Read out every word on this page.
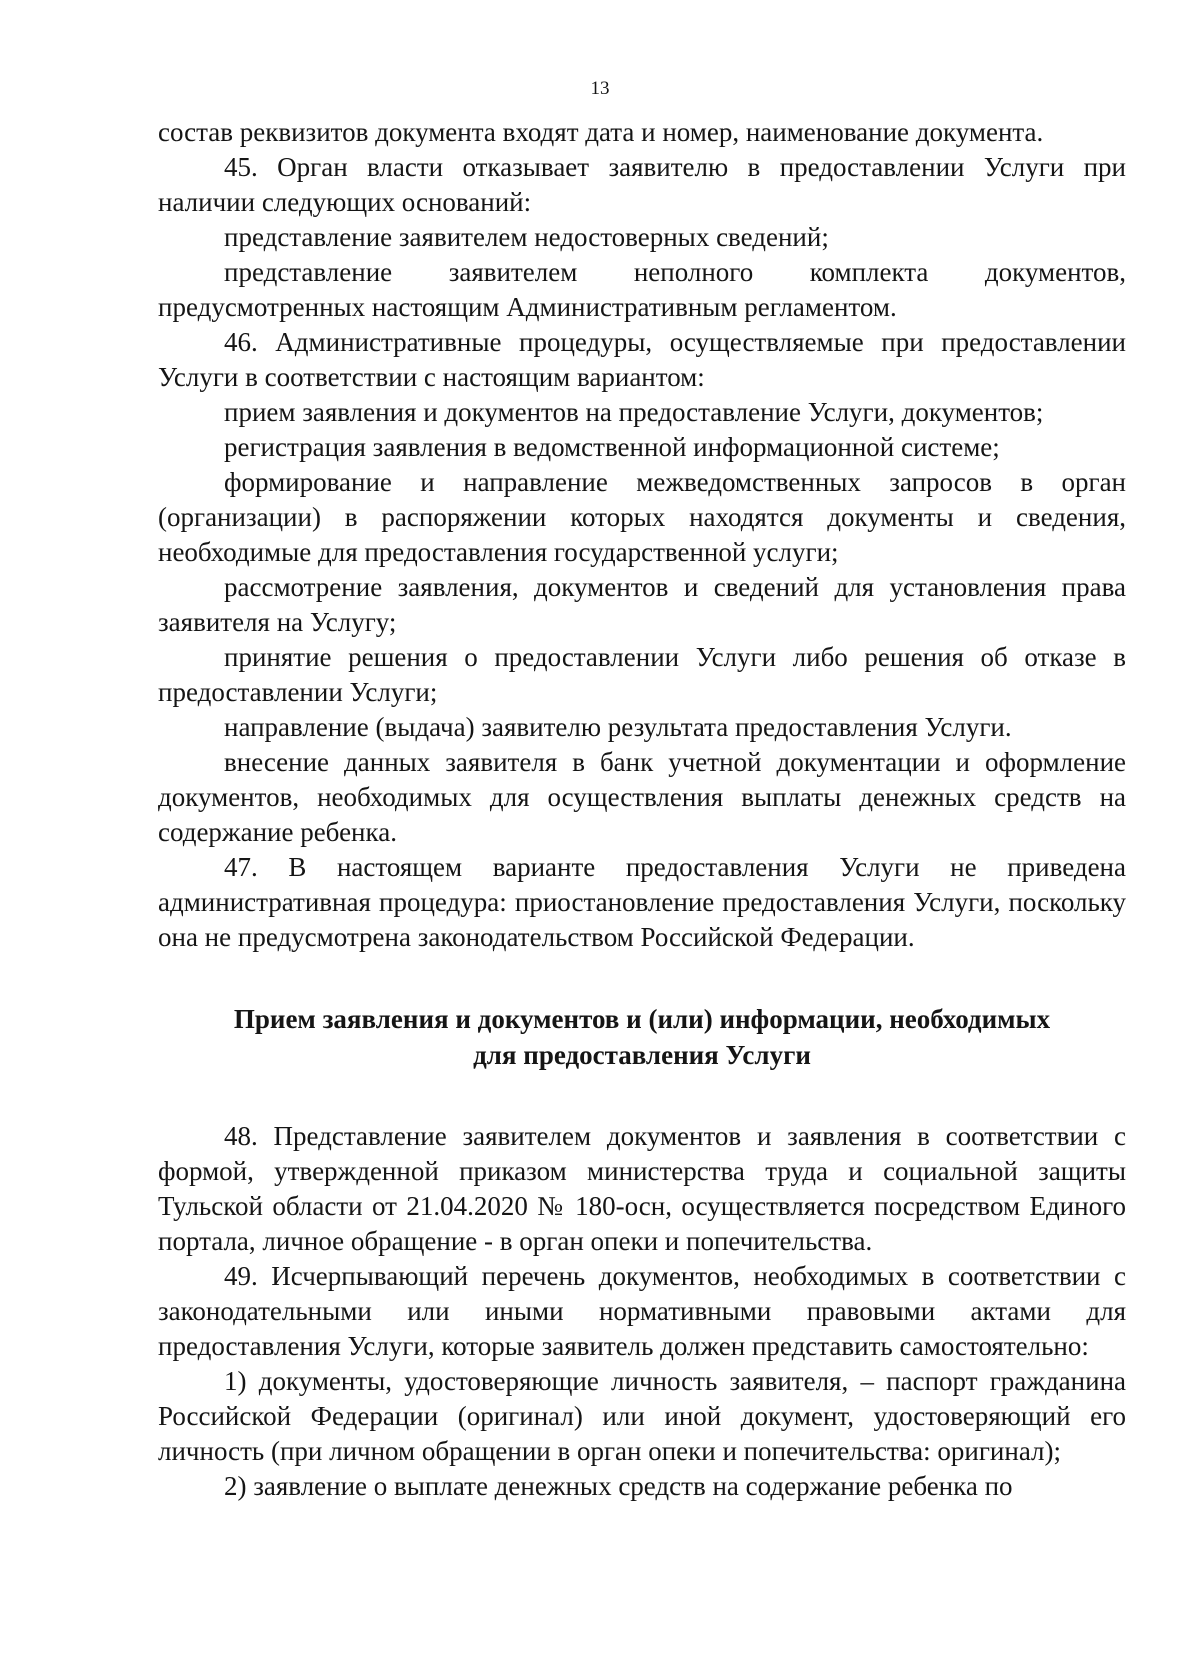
13

состав реквизитов документа входят дата и номер, наименование документа.

45. Орган власти отказывает заявителю в предоставлении Услуги при наличии следующих оснований:

представление заявителем недостоверных сведений;

представление заявителем неполного комплекта документов, предусмотренных настоящим Административным регламентом.

46. Административные процедуры, осуществляемые при предоставлении Услуги в соответствии с настоящим вариантом:

прием заявления и документов на предоставление Услуги, документов;

регистрация заявления в ведомственной информационной системе;

формирование и направление межведомственных запросов в орган (организации) в распоряжении которых находятся документы и сведения, необходимые для предоставления государственной услуги;

рассмотрение заявления, документов и сведений для установления права заявителя на Услугу;

принятие решения о предоставлении Услуги либо решения об отказе в предоставлении Услуги;

направление (выдача) заявителю результата предоставления Услуги.

внесение данных заявителя в банк учетной документации и оформление документов, необходимых для осуществления выплаты денежных средств на содержание ребенка.

47. В настоящем варианте предоставления Услуги не приведена административная процедура: приостановление предоставления Услуги, поскольку она не предусмотрена законодательством Российской Федерации.

Прием заявления и документов и (или) информации, необходимых
для предоставления Услуги

48. Представление заявителем документов и заявления в соответствии с формой, утвержденной приказом министерства труда и социальной защиты Тульской области от 21.04.2020 № 180-осн, осуществляется посредством Единого портала, личное обращение - в орган опеки и попечительства.

49. Исчерпывающий перечень документов, необходимых в соответствии с законодательными или иными нормативными правовыми актами для предоставления Услуги, которые заявитель должен представить самостоятельно:

1) документы, удостоверяющие личность заявителя, – паспорт гражданина Российской Федерации (оригинал) или иной документ, удостоверяющий его личность (при личном обращении в орган опеки и попечительства: оригинал);

2) заявление о выплате денежных средств на содержание ребенка по
